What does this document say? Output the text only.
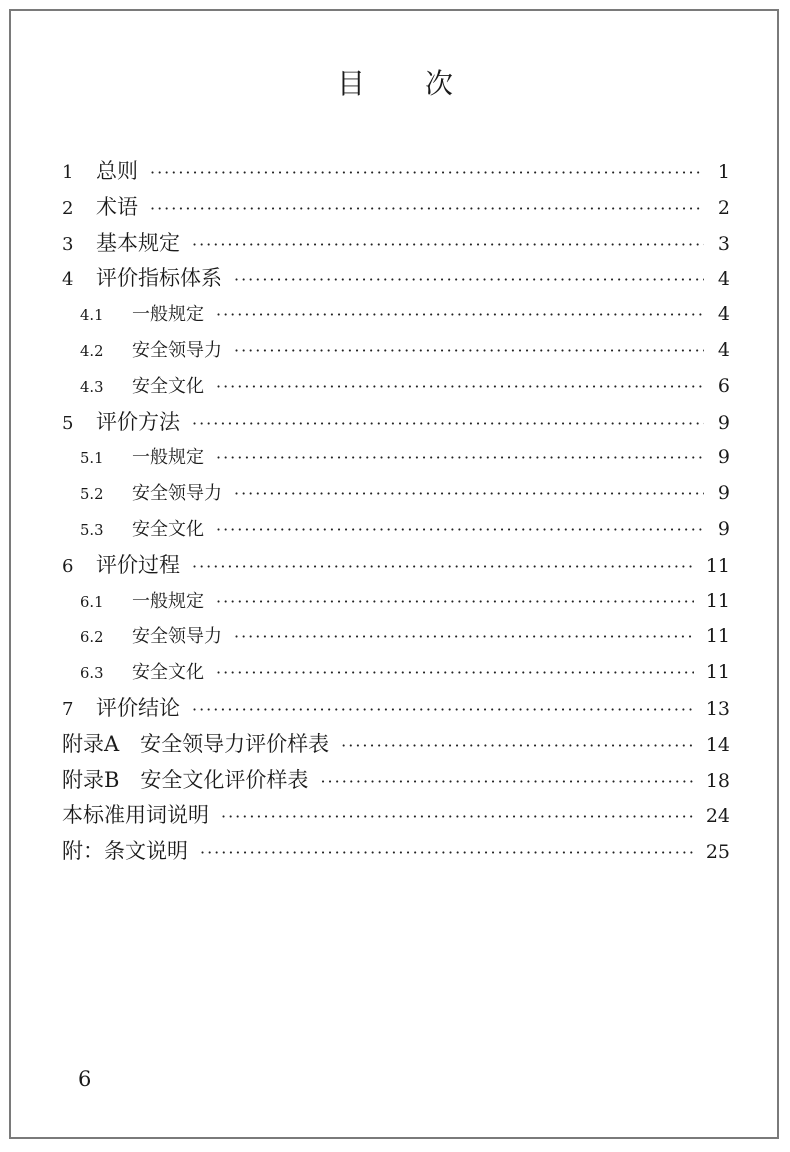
目次
1	总则 ·····	1
2	术语 ·····	2
3	基本规定 ·····	3
4	评价指标体系 ·····	4
4.1	一般规定 ·····	4
4.2	安全领导力 ·····	4
4.3	安全文化 ·····	6
5	评价方法 ·····	9
5.1	一般规定 ·····	9
5.2	安全领导力 ·····	9
5.3	安全文化 ·····	9
6	评价过程 ·····	11
6.1	一般规定 ·····	11
6.2	安全领导力 ·····	11
6.3	安全文化 ·····	11
7	评价结论 ·····	13
附录A　安全领导力评价样表 ·····	14
附录B　安全文化评价样表 ·····	18
本标准用词说明 ·····	24
附：条文说明 ·····	25
6
